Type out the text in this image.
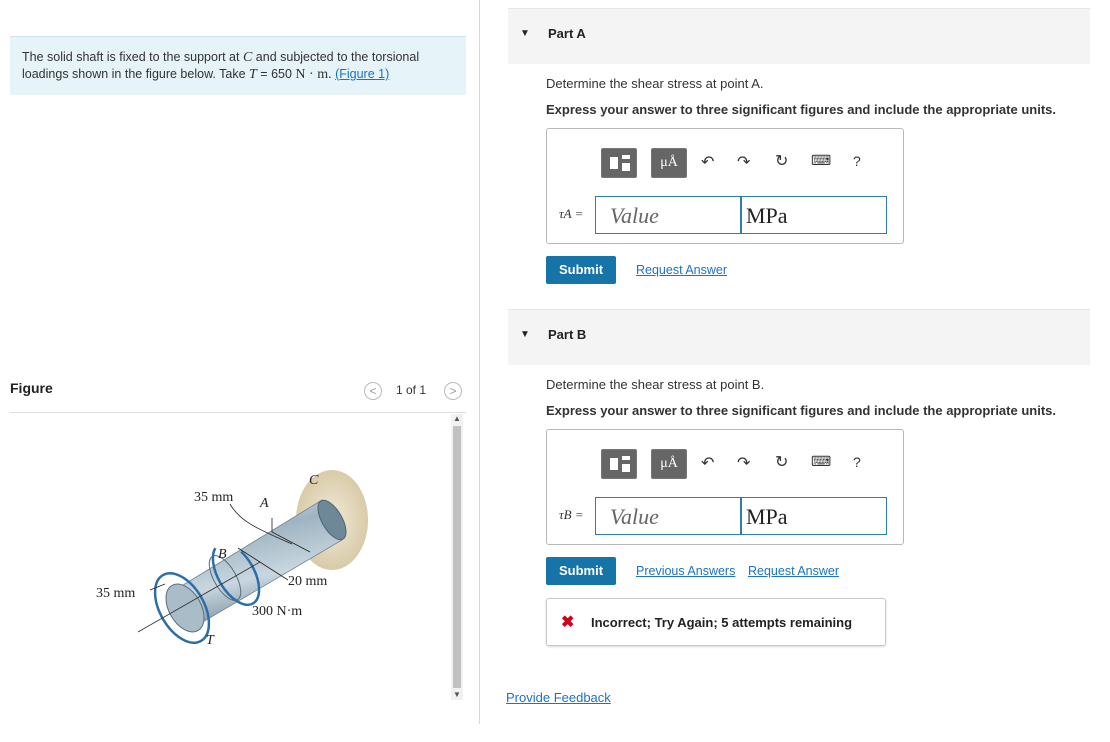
The solid shaft is fixed to the support at C and subjected to the torsional loadings shown in the figure below. Take T = 650 N · m. (Figure 1)
Figure	<	1 of 1	>
C
A
B
T
35 mm
35 mm
20 mm
300 N·m
▲
▼
▼ Part A
Determine the shear stress at point A.
Express your answer to three significant figures and include the appropriate units.
μÅ	↶ ↷ ↻ ⌨ ?
τA =	Value	MPa
Submit	Request Answer
▼ Part B
Determine the shear stress at point B.
Express your answer to three significant figures and include the appropriate units.
μÅ	↶ ↷ ↻ ⌨ ?
τB =	Value	MPa
Submit	Previous Answers Request Answer
✖ Incorrect; Try Again; 5 attempts remaining
Provide Feedback
